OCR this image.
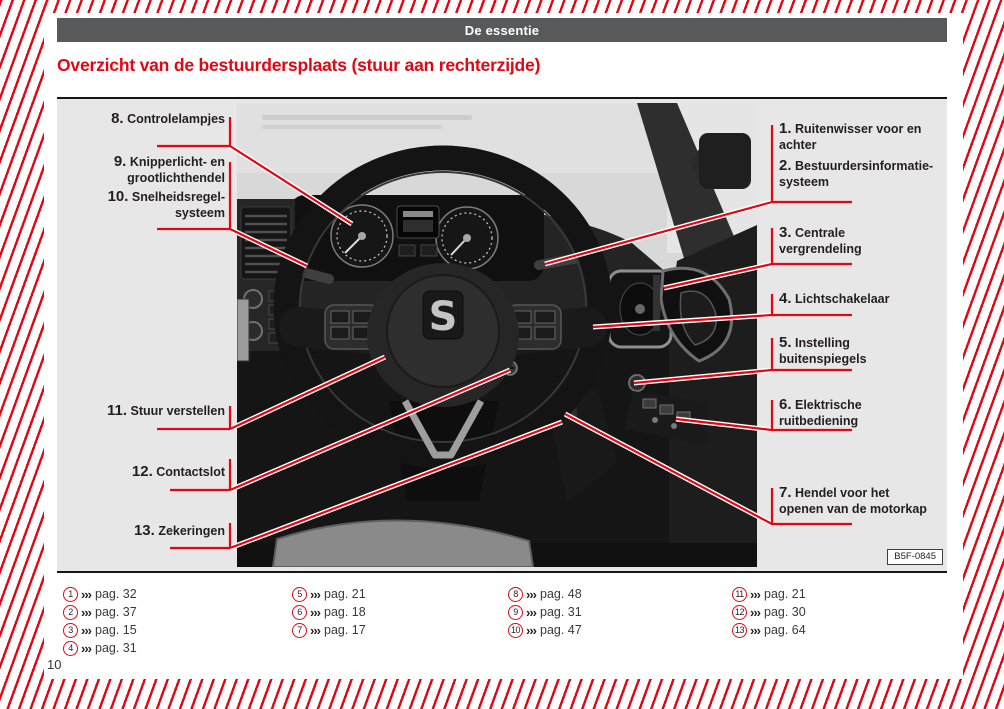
De essentie
Overzicht van de bestuurdersplaats (stuur aan rechterzijde)
S
8. Controlelampjes
9. Knipperlicht- en
grootlichthendel
10. Snelheidsregel-
systeem
11. Stuur verstellen
12. Contactslot
13. Zekeringen
1. Ruitenwisser voor en
achter
2. Bestuurdersinformatie-
systeem
3. Centrale
vergrendeling
4. Lichtschakelaar
5. Instelling
buitenspiegels
6. Elektrische
ruitbediening
7. Hendel voor het
openen van de motorkap
B5F-0845
1 ››› pag. 32
2 ››› pag. 37
3 ››› pag. 15
4 ››› pag. 31
5 ››› pag. 21
6 ››› pag. 18
7 ››› pag. 17
8 ››› pag. 48
9 ››› pag. 31
10 ››› pag. 47
11 ››› pag. 21
12 ››› pag. 30
13 ››› pag. 64
10
